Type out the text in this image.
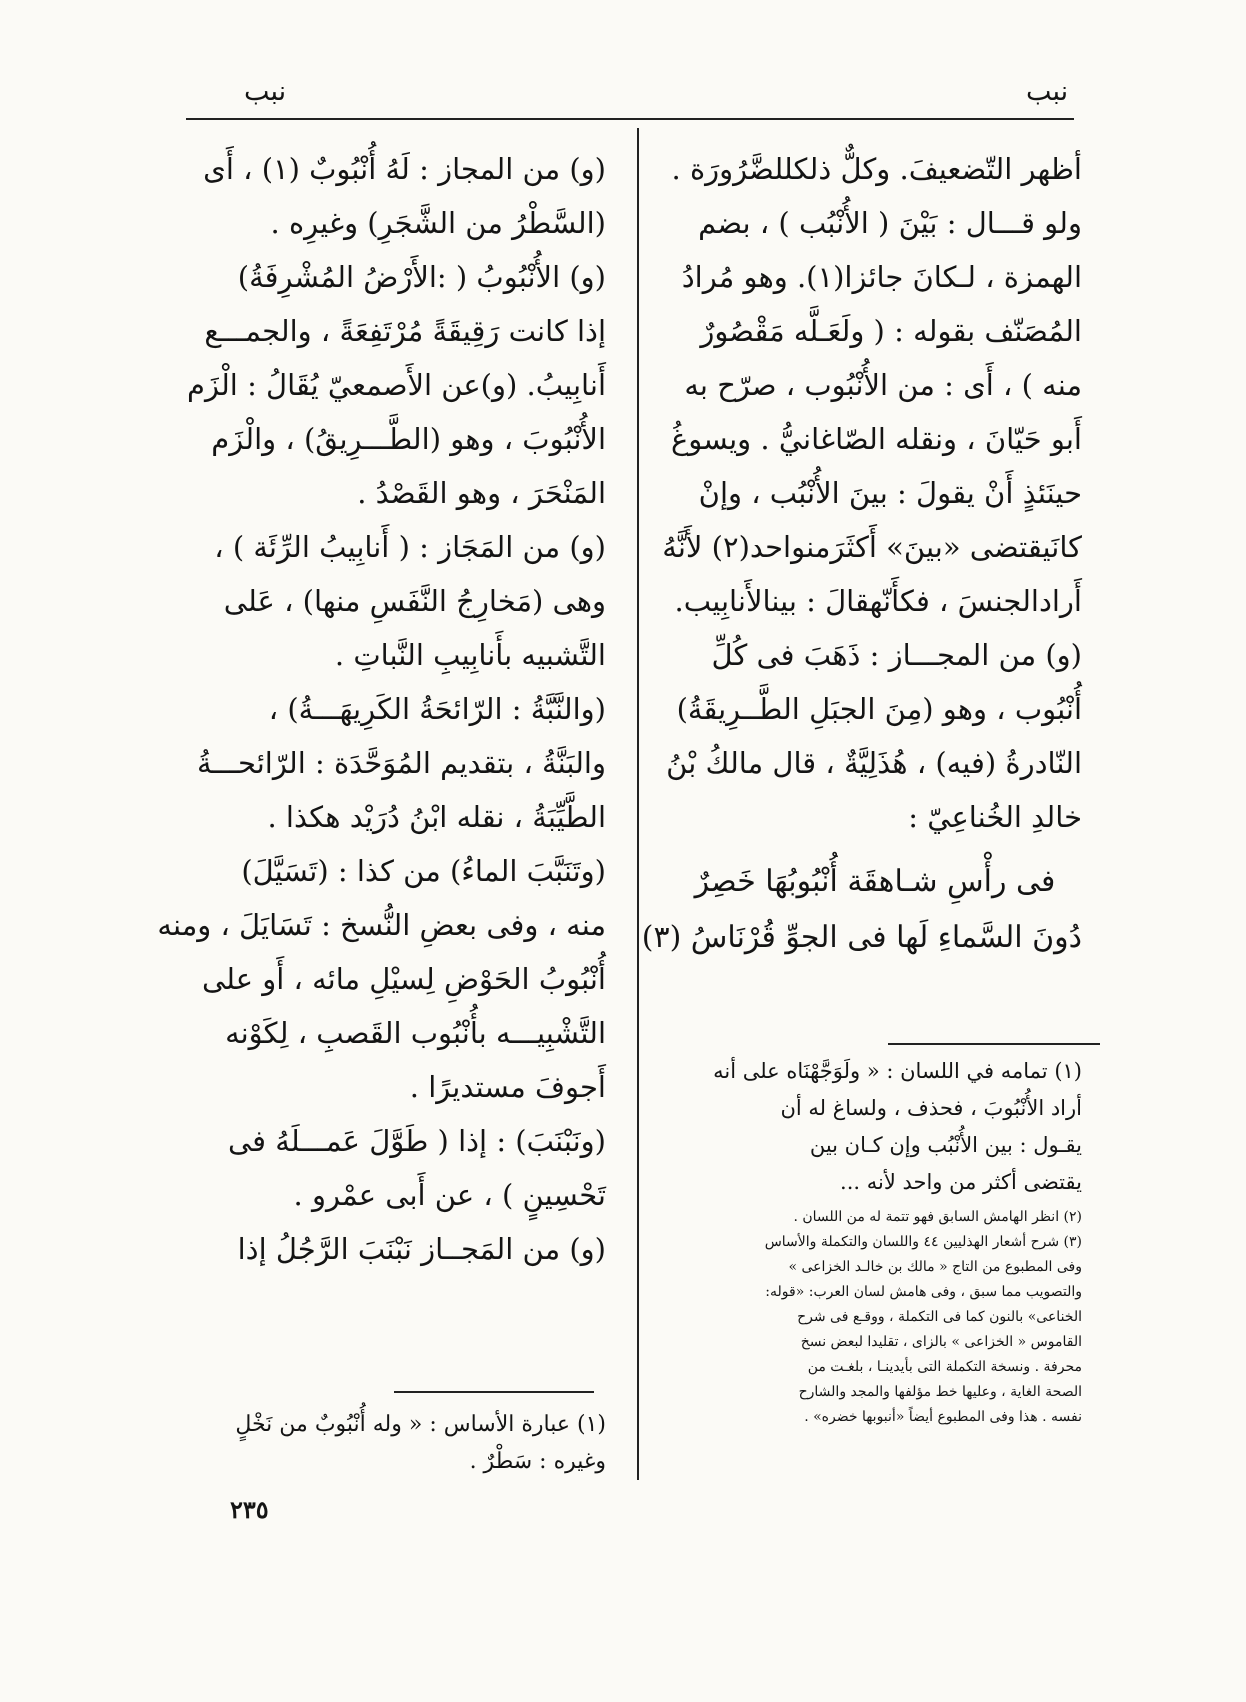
نبب
نبب
أظهر التّضعيفَ. وكلٌّ ذلكللضَّرُورَة .
ولو قـــال : بَيْنَ ( الأُنْبُب ) ، بضم
الهمزة ، لـكانَ جائزا(١). وهو مُرادُ
المُصَنّف بقوله : ( ولَعَـلَّه مَقْصُورٌ
منه ) ، أَى : من الأُنْبُوب ، صرّح به
أَبو حَيّانَ ، ونقله الصّاغانيُّ . ويسوغُ
حينَئذٍ أَنْ يقولَ : بينَ الأُنْبُب ، وإنْ
كانَيقتضى «بينَ» أَكثَرَمنواحد(٢) لأَنَّهُ
أَرادالجنسَ ، فكأَنّهقالَ : بينالأَنابِيب.
(و) من المجـــاز : ذَهَبَ فى كُلِّ
أُنْبُوب ، وهو (مِنَ الجبَلِ الطَّــرِيقَةُ)
النّادرةُ (فيه) ، هُذَلِيَّةٌ ، قال مالكُ بْنُ
خالدِ الخُناعِيّ :
فى رأْسِ شـاهقَة أُنْبُوبُهَا خَصِرٌ
دُونَ السَّماءِ لَها فى الجوِّ قُرْنَاسُ (٣)
(١) تمامه في اللسان : « ولَوَجَّهْنَاه على أنه
أراد الأُنْبُوبَ ، فحذف ، ولساغ له أن
يقـول : بين الأُنْبُب وإن كـان بين
يقتضى أكثر من واحد لأنه ...
(٢) انظر الهامش السابق فهو تتمة له من اللسان .
(٣) شرح أشعار الهذليين ٤٤ واللسان والتكملة والأساس
وفى المطبوع من التاج « مالك بن خالـد الخزاعى »
والتصويب مما سبق ، وفى هامش لسان العرب: «قوله:
الخناعى» بالنون كما فى التكملة ، ووقـع فى شرح
القاموس « الخزاعى » بالزاى ، تقليدا لبعض نسخ
محرفة . ونسخة التكملة التى بأيدينـا ، بلغـت من
الصحة الغاية ، وعليها خط مؤلفها والمجد والشارح
نفسه . هذا وفى المطبوع أيضاً «أنبوبها خضره» .
(و) من المجاز : لَهُ أُنْبُوبٌ (١) ، أَى
(السَّطْرُ من الشَّجَرِ) وغيرِه .
(و) الأُنْبُوبُ ( :الأَرْضُ المُشْرِفَةُ)
إذا كانت رَقِيقَةً مُرْتَفِعَةً ، والجمـــع
أَنابِيبُ. (و)عن الأَصمعيّ يُقَالُ : الْزَم
الأُنْبُوبَ ، وهو (الطَّـــرِيقُ) ، والْزَم
المَنْحَرَ ، وهو القَصْدُ .
(و) من المَجَاز : ( أَنابِيبُ الرِّئَة ) ،
وهى (مَخارِجُ النَّفَسِ منها) ، عَلى
التَّشبيه بأَنابِيبِ النَّباتِ .
(والنَّبَّةُ : الرّائحَةُ الكَرِيهَـــةُ) ،
والبَنَّةُ ، بتقديم المُوَحَّدَة : الرّائحـــةُ
الطَّيِّبَةُ ، نقله ابْنُ دُرَيْد هكذا .
(وتَنَبَّبَ الماءُ) من كذا : (تَسَيَّلَ)
منه ، وفى بعضِ النُّسخ : تَسَايَلَ ، ومنه
أُنْبُوبُ الحَوْضِ لِسيْلِ مائه ، أَو على
التَّشْبِيـــه بأُنْبُوب القَصبِ ، لِكَوْنه
أَجوفَ مستديرًا .
(ونَبْنَبَ) : إذا ( طَوَّلَ عَمـــلَهُ فى
تَحْسِينٍ ) ، عن أَبى عمْرو .
(و) من المَجــاز نَبْنَبَ الرَّجُلُ إذا
(١) عبارة الأساس : « وله أُنْبُوبٌ من نَخْلٍ
وغيره : سَطْرٌ .
٢٣٥
